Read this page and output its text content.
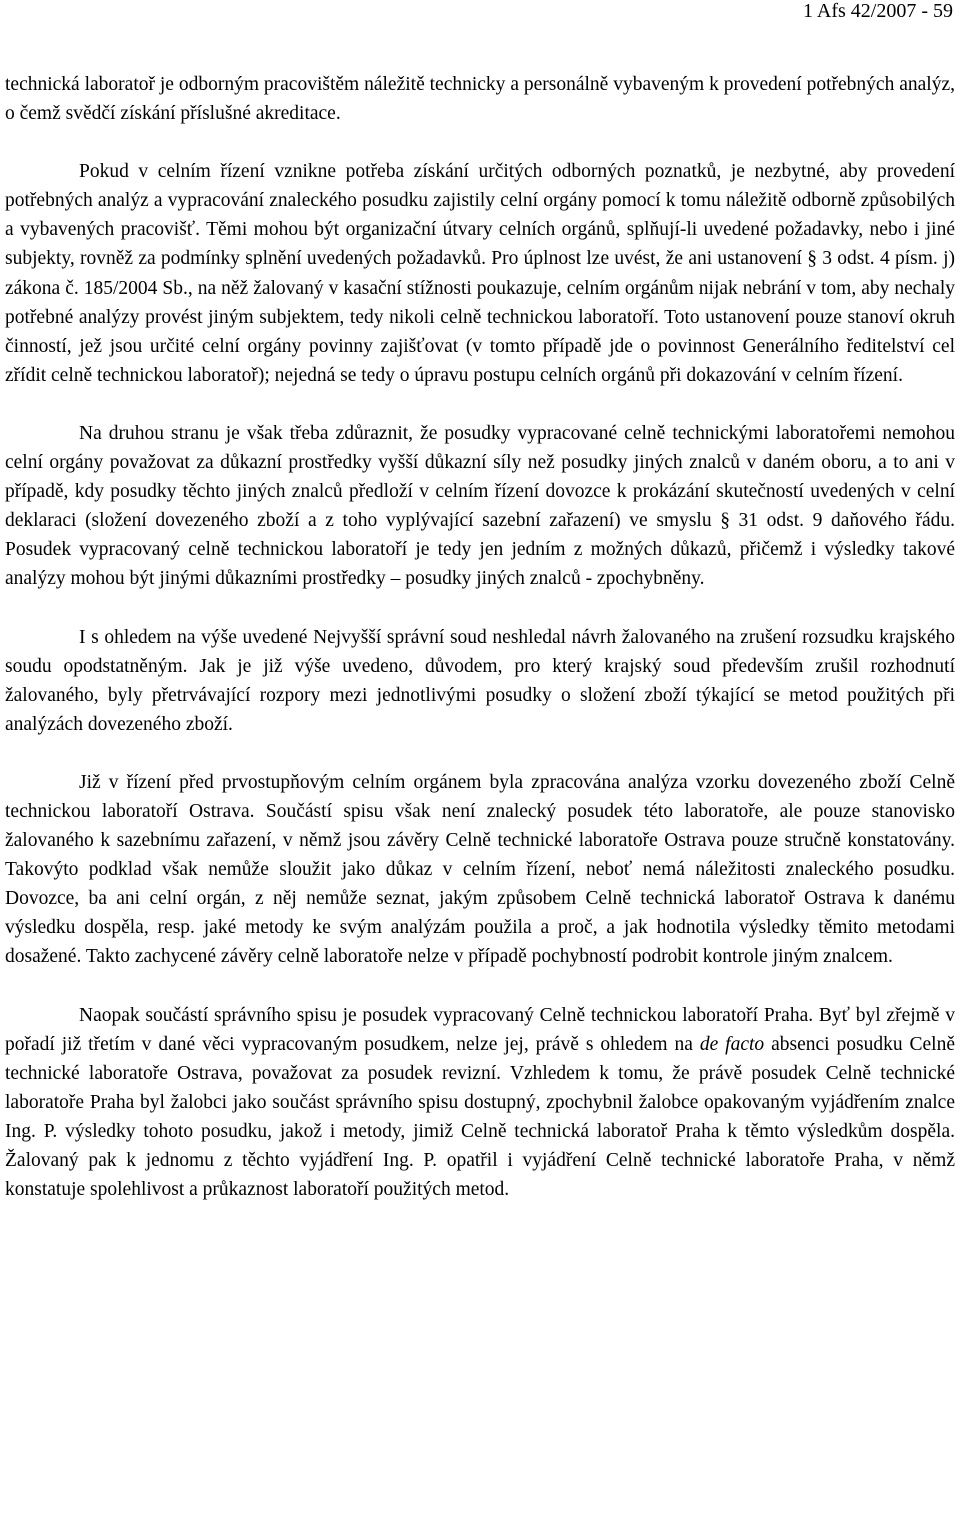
1 Afs 42/2007 - 59

technická laboratoř je odborným pracovištěm náležitě technicky a personálně vybaveným k provedení potřebných analýz, o čemž svědčí získání příslušné akreditace.

Pokud v celním řízení vznikne potřeba získání určitých odborných poznatků, je nezbytné, aby provedení potřebných analýz a vypracování znaleckého posudku zajistily celní orgány pomocí k tomu náležitě odborně způsobilých a vybavených pracovišť. Těmi mohou být organizační útvary celních orgánů, splňují-li uvedené požadavky, nebo i jiné subjekty, rovněž za podmínky splnění uvedených požadavků. Pro úplnost lze uvést, že ani ustanovení § 3 odst. 4 písm. j) zákona č. 185/2004 Sb., na něž žalovaný v kasační stížnosti poukazuje, celním orgánům nijak nebrání v tom, aby nechaly potřebné analýzy provést jiným subjektem, tedy nikoli celně technickou laboratoří. Toto ustanovení pouze stanoví okruh činností, jež jsou určité celní orgány povinny zajišťovat (v tomto případě jde o povinnost Generálního ředitelství cel zřídit celně technickou laboratoř); nejedná se tedy o úpravu postupu celních orgánů při dokazování v celním řízení.

Na druhou stranu je však třeba zdůraznit, že posudky vypracované celně technickými laboratořemi nemohou celní orgány považovat za důkazní prostředky vyšší důkazní síly než posudky jiných znalců v daném oboru, a to ani v případě, kdy posudky těchto jiných znalců předloží v celním řízení dovozce k prokázání skutečností uvedených v celní deklaraci (složení dovezeného zboží a z toho vyplývající sazební zařazení) ve smyslu § 31 odst. 9 daňového řádu. Posudek vypracovaný celně technickou laboratoří je tedy jen jedním z možných důkazů, přičemž i výsledky takové analýzy mohou být jinými důkazními prostředky – posudky jiných znalců - zpochybněny.

I s ohledem na výše uvedené Nejvyšší správní soud neshledal návrh žalovaného na zrušení rozsudku krajského soudu opodstatněným. Jak je již výše uvedeno, důvodem, pro který krajský soud především zrušil rozhodnutí žalovaného, byly přetrvávající rozpory mezi jednotlivými posudky o složení zboží týkající se metod použitých při analýzách dovezeného zboží.

Již v řízení před prvostupňovým celním orgánem byla zpracována analýza vzorku dovezeného zboží Celně technickou laboratoří Ostrava. Součástí spisu však není znalecký posudek této laboratoře, ale pouze stanovisko žalovaného k sazebnímu zařazení, v němž jsou závěry Celně technické laboratoře Ostrava pouze stručně konstatovány. Takovýto podklad však nemůže sloužit jako důkaz v celním řízení, neboť nemá náležitosti znaleckého posudku. Dovozce, ba ani celní orgán, z něj nemůže seznat, jakým způsobem Celně technická laboratoř Ostrava k danému výsledku dospěla, resp. jaké metody ke svým analýzám použila a proč, a jak hodnotila výsledky těmito metodami dosažené. Takto zachycené závěry celně laboratoře nelze v případě pochybností podrobit kontrole jiným znalcem.

Naopak součástí správního spisu je posudek vypracovaný Celně technickou laboratoří Praha. Byť byl zřejmě v pořadí již třetím v dané věci vypracovaným posudkem, nelze jej, právě s ohledem na de facto absenci posudku Celně technické laboratoře Ostrava, považovat za posudek revizní. Vzhledem k tomu, že právě posudek Celně technické laboratoře Praha byl žalobci jako součást správního spisu dostupný, zpochybnil žalobce opakovaným vyjádřením znalce Ing. P. výsledky tohoto posudku, jakož i metody, jimiž Celně technická laboratoř Praha k těmto výsledkům dospěla. Žalovaný pak k jednomu z těchto vyjádření Ing. P. opatřil i vyjádření Celně technické laboratoře Praha, v němž konstatuje spolehlivost a průkaznost laboratoří použitých metod.
